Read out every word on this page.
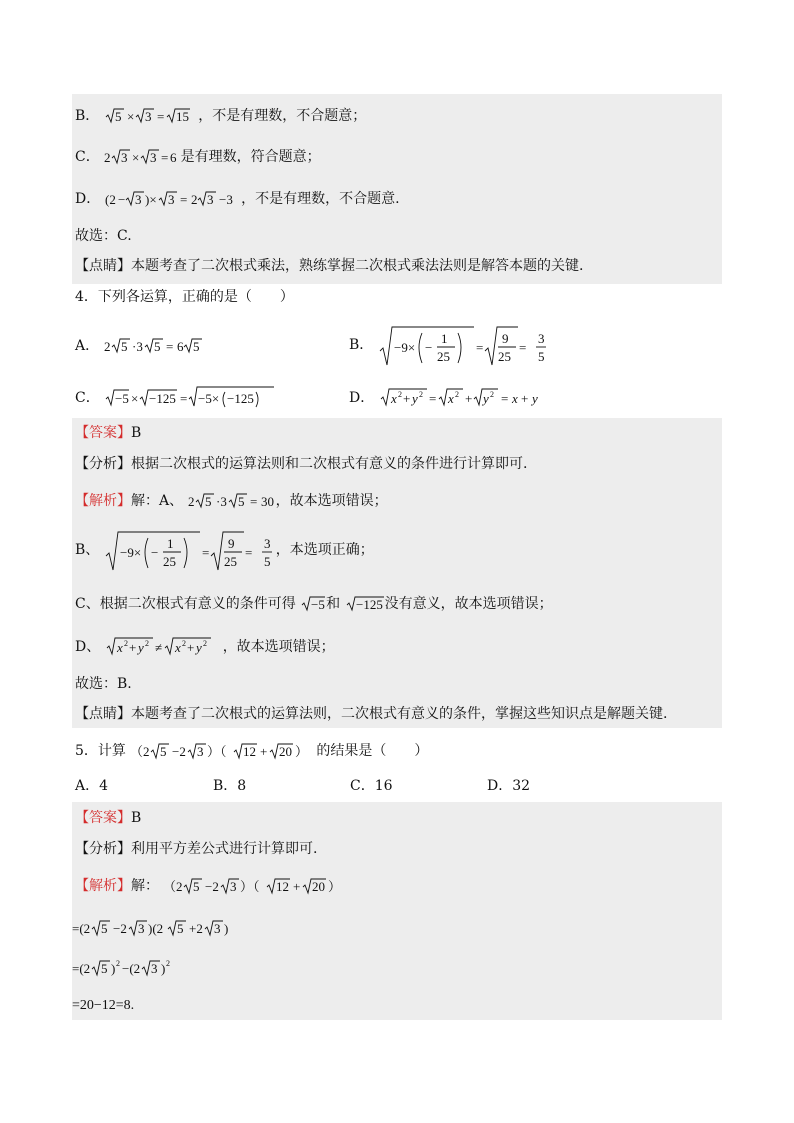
B． 5 × 3 = 15 ，不是有理数，不合题意；
C． 2 3 × 3 = 6 是有理数，符合题意；
D． (2 − 3 )× 3 = 2 3 −3 ，不是有理数，不合题意.
故选：C.
【点睛】本题考查了二次根式乘法，熟练掌握二次根式乘法法则是解答本题的关键.
4．下列各运算，正确的是（　　）
A． 2 5 ·3 5 = 6 5	B． −9× −
1
25
=
9
25
=
3
5
C． −5 × −125 = −5× −125	D． x 2 + y 2 = x 2 + y 2 = x + y
【答案】B
【分析】根据二次根式的运算法则和二次根式有意义的条件进行计算即可.
【解析】解：A、 2 5 ·3 5 = 30 ，故本选项错误；
B、 −9× −
1
25
=
9
25
=
3
5
，本选项正确；
C、根据二次根式有意义的条件可得 −5 和 −125 没有意义，故本选项错误；
D、 x 2 + y 2 ≠ x 2 + y 2 ，故本选项错误；
故选：B.
【点睛】本题考查了二次根式的运算法则，二次根式有意义的条件，掌握这些知识点是解题关键.
5．计算 （2 5 −2 3 ）（ 12 + 20 ） 的结果是（　　）
A．4	B．8	C．16	D．32
【答案】B
【分析】利用平方差公式进行计算即可.
【解析】解： （2 5 −2 3 ）（ 12 + 20 ）
=(2 5 −2 3 )(2 5 +2 3 )
=(2 5 ) 2 −(2 3 ) 2
=20−12=8.
